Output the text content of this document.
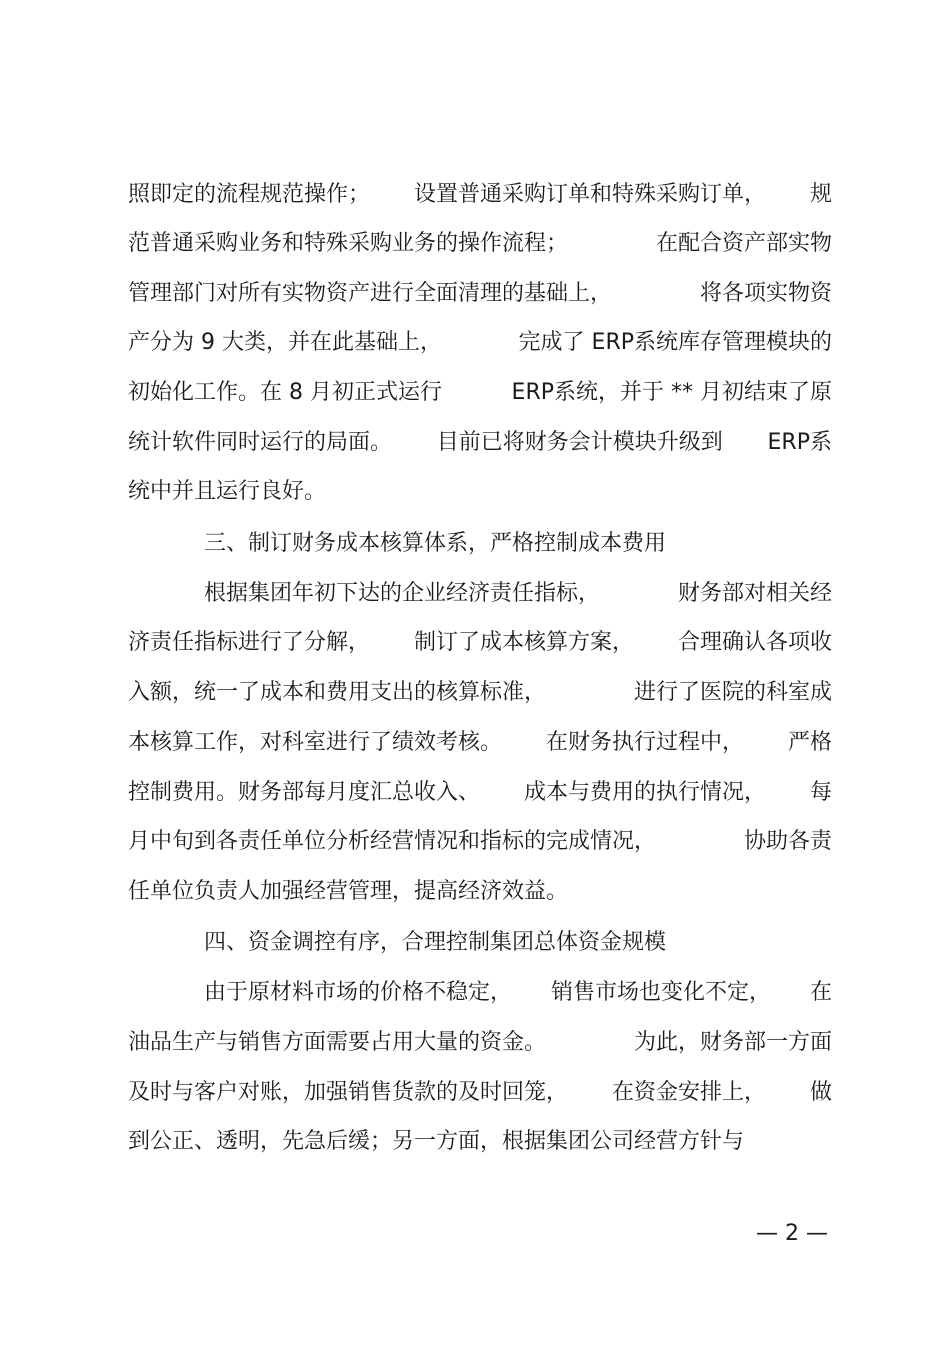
照即定的流程规范操作； 设置普通采购订单和特殊采购订单， 规
范普通采购业务和特殊采购业务的操作流程；	在配合资产部实物
管理部门对所有实物资产进行全面清理的基础上，	将各项实物资
产分为 9 大类，并在此基础上，	完成了 ERP系统库存管理模块的
初始化工作。在 8 月初正式运行	ERP系统，并于 ** 月初结束了原
统计软件同时运行的局面。 目前已将财务会计模块升级到 ERP系
统中并且运行良好。
三、制订财务成本核算体系，严格控制成本费用
根据集团年初下达的企业经济责任指标，	财务部对相关经
济责任指标进行了分解， 制订了成本核算方案， 合理确认各项收
入额，统一了成本和费用支出的核算标准，	进行了医院的科室成
本核算工作，对科室进行了绩效考核。 在财务执行过程中， 严格
控制费用。财务部每月度汇总收入、 成本与费用的执行情况， 每
月中旬到各责任单位分析经营情况和指标的完成情况，	协助各责
任单位负责人加强经营管理，提高经济效益。
四、资金调控有序，合理控制集团总体资金规模
由于原材料市场的价格不稳定， 销售市场也变化不定， 在
油品生产与销售方面需要占用大量的资金。	为此，财务部一方面
及时与客户对账，加强销售货款的及时回笼， 在资金安排上， 做
到公正、透明，先急后缓；另一方面，根据集团公司经营方针与
— 2 —
